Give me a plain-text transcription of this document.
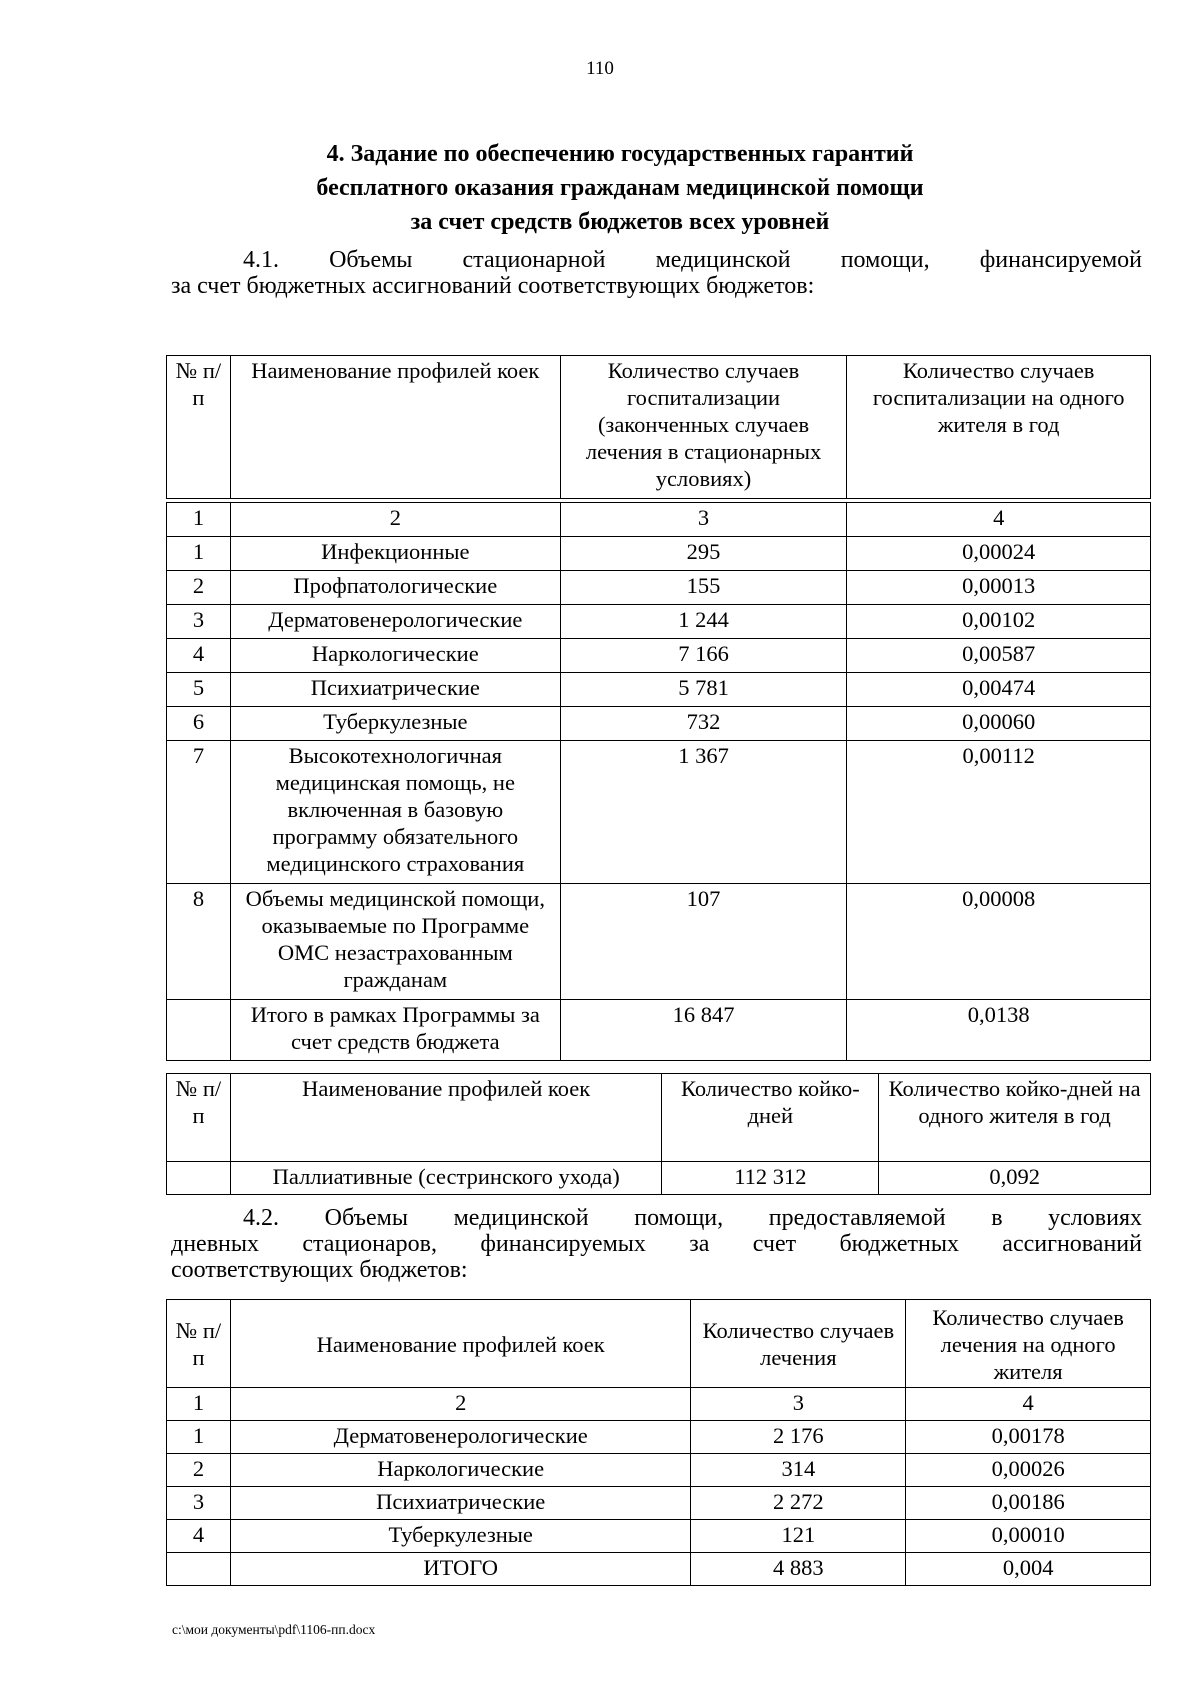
110
4. Задание по обеспечению государственных гарантий
бесплатного оказания гражданам медицинской помощи
за счет средств бюджетов всех уровней
4.1. Объемы стационарной медицинской помощи, финансируемой
за счет бюджетных ассигнований соответствующих бюджетов:
№ п/п	Наименование профилей коек	Количество случаев госпитализации (законченных случаев лечения в стационарных условиях)	Количество случаев госпитализации на одного жителя в год

1	2	3	4
1	Инфекционные	295	0,00024
2	Профпатологические	155	0,00013
3	Дерматовенерологические	1 244	0,00102
4	Наркологические	7 166	0,00587
5	Психиатрические	5 781	0,00474
6	Туберкулезные	732	0,00060
7	Высокотехнологичная медицинская помощь, не включенная в базовую программу обязательного медицинского страхования	1 367	0,00112
8	Объемы медицинской помощи, оказываемые по Программе ОМС незастрахованным гражданам	107	0,00008
	Итого в рамках Программы за счет средств бюджета	16 847	0,0138
№ п/п	Наименование профилей коек	Количество койко-дней	Количество койко-дней на одного жителя в год
	Паллиативные (сестринского ухода)	112 312	0,092
4.2. Объемы медицинской помощи, предоставляемой в условиях
дневных стационаров, финансируемых за счет бюджетных ассигнований
соответствующих бюджетов:
№ п/п	Наименование профилей коек	Количество случаев лечения	Количество случаев лечения на одного жителя
1	2	3	4
1	Дерматовенерологические	2 176	0,00178
2	Наркологические	314	0,00026
3	Психиатрические	2 272	0,00186
4	Туберкулезные	121	0,00010
	ИТОГО	4 883	0,004
c:\мои документы\pdf\1106-пп.docx
